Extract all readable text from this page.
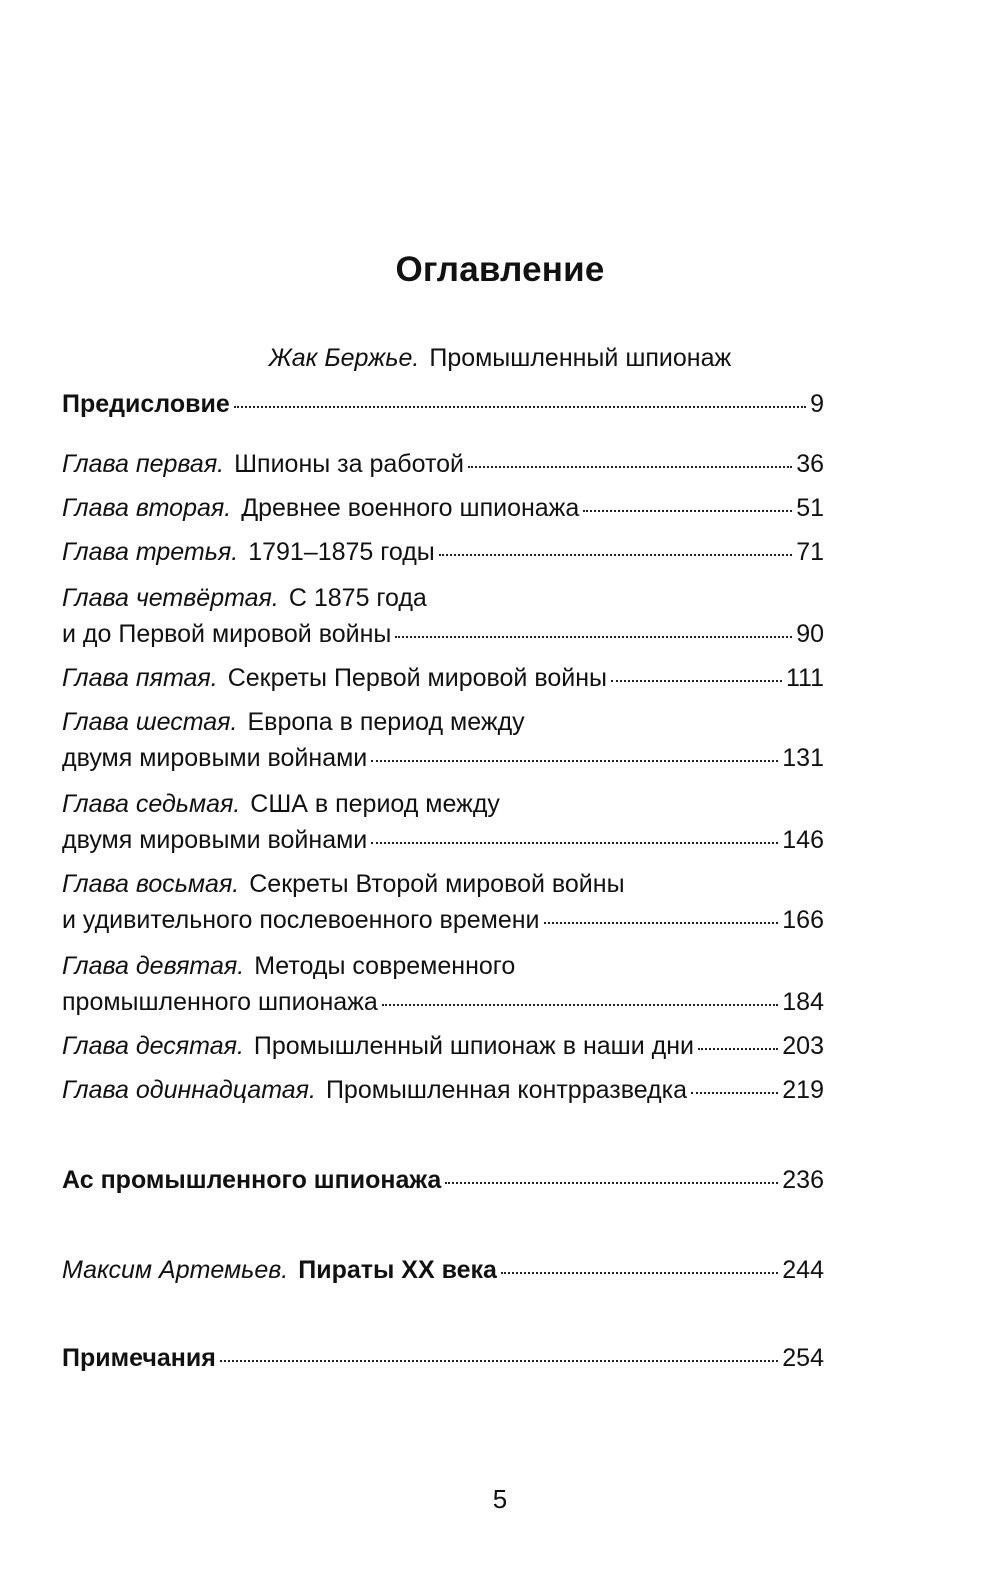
Оглавление
Жак Бержье. Промышленный шпионаж
Предисловие	9
Глава первая. Шпионы за работой	36
Глава вторая. Древнее военного шпионажа	51
Глава третья. 1791–1875 годы	71
Глава четвёртая. С 1875 года
и до Первой мировой войны	90
Глава пятая. Секреты Первой мировой войны	111
Глава шестая. Европа в период между
двумя мировыми войнами	131
Глава седьмая. США в период между
двумя мировыми войнами	146
Глава восьмая. Секреты Второй мировой войны
и удивительного послевоенного времени	166
Глава девятая. Методы современного
промышленного шпионажа	184
Глава десятая. Промышленный шпионаж в наши дни	203
Глава одиннадцатая. Промышленная контрразведка	219
Ас промышленного шпионажа	236
Максим Артемьев. Пираты XX века	244
Примечания	254
5
